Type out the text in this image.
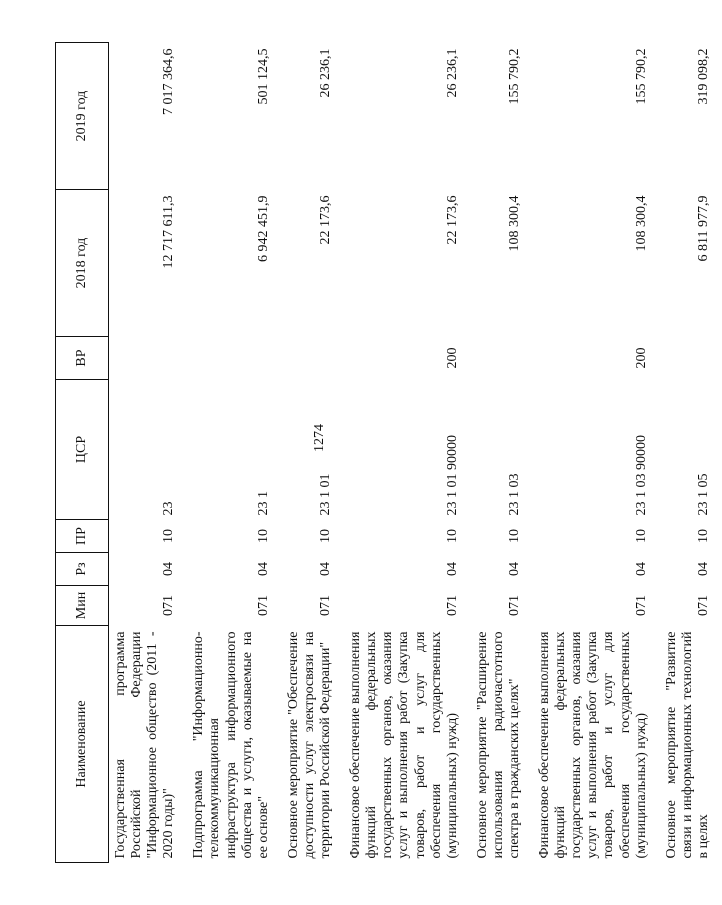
1274
Наименование	Мин	Рз	ПР	ЦСР	ВР	2018 год	2019 год
Государственная программа Российской Федерации "Информационное общество (2011 - 2020 годы)"	071	04	10	23		12 717 611,3	7 017 364,6
Подпрограмма "Информационно-телекоммуникационная инфраструктура информационного общества и услуги, оказываемые на ее основе"	071	04	10	23 1		6 942 451,9	501 124,5
Основное мероприятие "Обеспечение доступности услуг электросвязи на территории Российской Федерации"	071	04	10	23 1 01		22 173,6	26 236,1
Финансовое обеспечение выполнения функций федеральных государственных органов, оказания услуг и выполнения работ (Закупка товаров, работ и услуг для обеспечения государственных (муниципальных) нужд)	071	04	10	23 1 01 90000	200	22 173,6	26 236,1
Основное мероприятие "Расширение использования радиочастотного спектра в гражданских целях"	071	04	10	23 1 03		108 300,4	155 790,2
Финансовое обеспечение выполнения функций федеральных государственных органов, оказания услуг и выполнения работ (Закупка товаров, работ и услуг для обеспечения государственных (муниципальных) нужд)	071	04	10	23 1 03 90000	200	108 300,4	155 790,2
Основное мероприятие "Развитие связи и информационных технологий в целях	071	04	10	23 1 05		6 811 977,9	319 098,2
